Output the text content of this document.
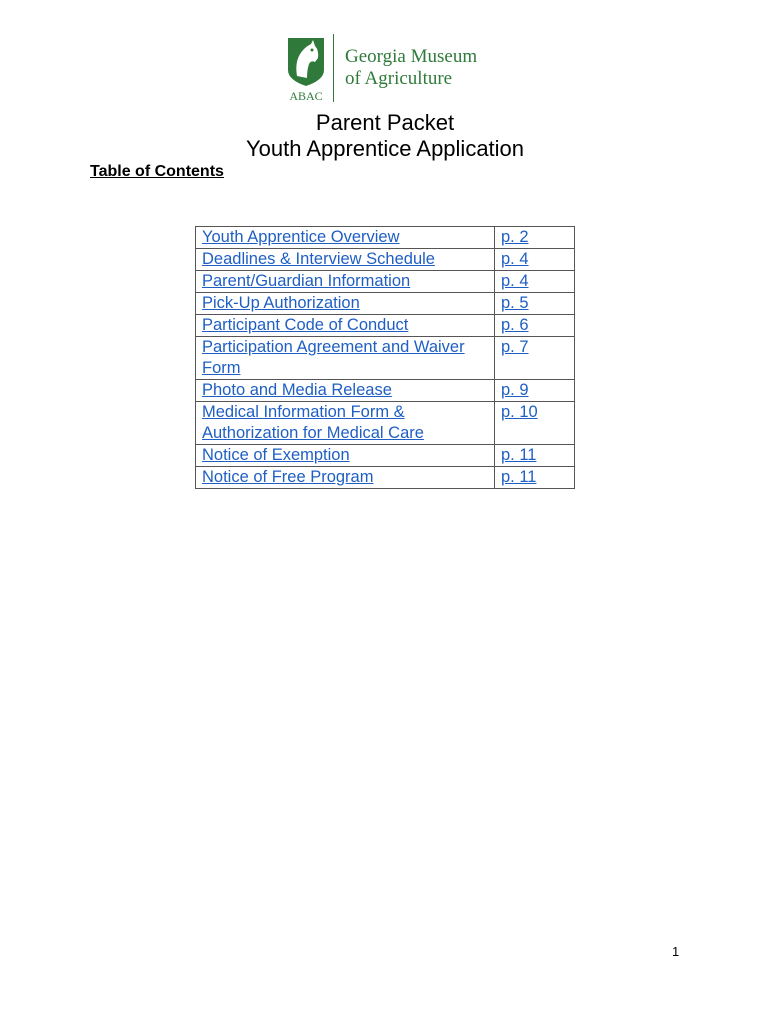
ABAC
Georgia Museum
of Agriculture
Parent Packet
Youth Apprentice Application
Table of Contents
Youth Apprentice Overview	p. 2
Deadlines & Interview Schedule	p. 4
Parent/Guardian Information	p. 4
Pick-Up Authorization	p. 5
Participant Code of Conduct	p. 6
Participation Agreement and Waiver Form	p. 7
Photo and Media Release	p. 9
Medical Information Form & Authorization for Medical Care	p. 10
Notice of Exemption	p. 11
Notice of Free Program	p. 11
1
